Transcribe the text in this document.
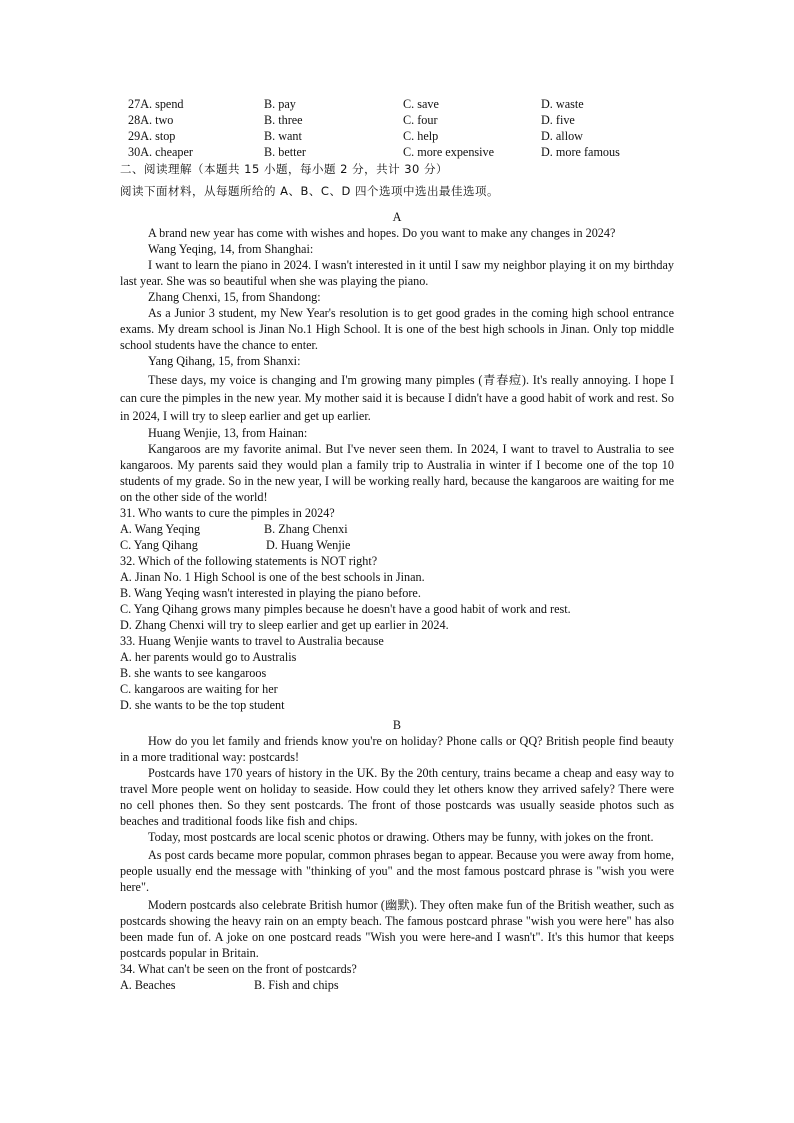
27A. spend	B. pay	C. save	D. waste
28A. two	B. three	C. four	D. five
29A. stop	B. want	C. help	D. allow
30A. cheaper	B. better	C. more expensive	D. more famous

二、阅读理解（本题共 15 小题，每小题 2 分，共计 30 分）

阅读下面材料，从每题所给的 A、B、C、D 四个选项中选出最佳选项。

A

A brand new year has come with wishes and hopes. Do you want to make any changes in 2024?

Wang Yeqing, 14, from Shanghai:

I want to learn the piano in 2024. I wasn't interested in it until I saw my neighbor playing it on my birthday last year. She was so beautiful when she was playing the piano.

Zhang Chenxi, 15, from Shandong:

As a Junior 3 student, my New Year's resolution is to get good grades in the coming high school entrance exams. My dream school is Jinan No.1 High School. It is one of the best high schools in Jinan. Only top middle school students have the chance to enter.

Yang Qihang, 15, from Shanxi:

These days, my voice is changing and I'm growing many pimples (青春痘). It's really annoying. I hope I can cure the pimples in the new year. My mother said it is because I didn't have a good habit of work and rest. So in 2024, I will try to sleep earlier and get up earlier.

Huang Wenjie, 13, from Hainan:

Kangaroos are my favorite animal. But I've never seen them. In 2024, I want to travel to Australia to see kangaroos. My parents said they would plan a family trip to Australia in winter if I become one of the top 10 students of my grade. So in the new year, I will be working really hard, because the kangaroos are waiting for me on the other side of the world!

31. Who wants to cure the pimples in 2024?

A. Wang Yeqing	B. Zhang Chenxi
C. Yang Qihang	D. Huang Wenjie

32. Which of the following statements is NOT right?

A. Jinan No. 1 High School is one of the best schools in Jinan.

B. Wang Yeqing wasn't interested in playing the piano before.

C. Yang Qihang grows many pimples because he doesn't have a good habit of work and rest.

D. Zhang Chenxi will try to sleep earlier and get up earlier in 2024.

33. Huang Wenjie wants to travel to Australia because

A. her parents would go to Australis

B. she wants to see kangaroos

C. kangaroos are waiting for her

D. she wants to be the top student

B

How do you let family and friends know you're on holiday? Phone calls or QQ? British people find beauty in a more traditional way: postcards!

Postcards have 170 years of history in the UK. By the 20th century, trains became a cheap and easy way to travel More people went on holiday to seaside. How could they let others know they arrived safely? There were no cell phones then. So they sent postcards. The front of those postcards was usually seaside photos such as beaches and traditional foods like fish and chips.

Today, most postcards are local scenic photos or drawing. Others may be funny, with jokes on the front.

As post cards became more popular, common phrases began to appear. Because you were away from home, people usually end the message with "thinking of you" and the most famous postcard phrase is "wish you were here".

Modern postcards also celebrate British humor (幽默). They often make fun of the British weather, such as postcards showing the heavy rain on an empty beach. The famous postcard phrase "wish you were here" has also been made fun of. A joke on one postcard reads "Wish you were here-and I wasn't". It's this humor that keeps postcards popular in Britain.

34. What can't be seen on the front of postcards?

A. Beaches	B. Fish and chips
